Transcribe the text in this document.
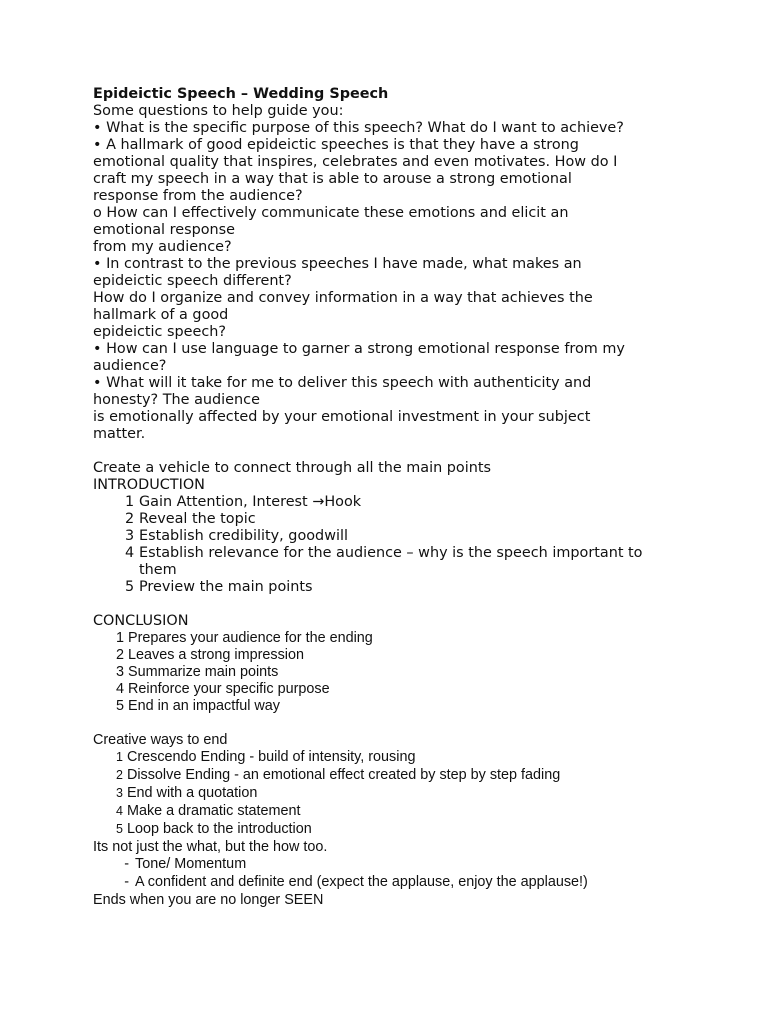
Epideictic Speech – Wedding Speech
Some questions to help guide you:
• What is the specific purpose of this speech? What do I want to achieve?
• A hallmark of good epideictic speeches is that they have a strong
emotional quality that inspires, celebrates and even motivates. How do I
craft my speech in a way that is able to arouse a strong emotional
response from the audience?
o How can I effectively communicate these emotions and elicit an
emotional response
from my audience?
• In contrast to the previous speeches I have made, what makes an
epideictic speech different?
How do I organize and convey information in a way that achieves the
hallmark of a good
epideictic speech?
• How can I use language to garner a strong emotional response from my
audience?
• What will it take for me to deliver this speech with authenticity and
honesty? The audience
is emotionally affected by your emotional investment in your subject
matter.
Create a vehicle to connect through all the main points
INTRODUCTION
1 Gain Attention, Interest →Hook
2 Reveal the topic
3 Establish credibility, goodwill
4 Establish relevance for the audience – why is the speech important to them
5 Preview the main points
CONCLUSION
1 Prepares your audience for the ending
2 Leaves a strong impression
3 Summarize main points
4 Reinforce your specific purpose
5 End in an impactful way
Creative ways to end
1 Crescendo Ending - build of intensity, rousing
2 Dissolve Ending - an emotional effect created by step by step fading
3 End with a quotation
4 Make a dramatic statement
5 Loop back to the introduction
Its not just the what, but the how too.
- Tone/ Momentum
- A confident and definite end (expect the applause, enjoy the applause!)
Ends when you are no longer SEEN
